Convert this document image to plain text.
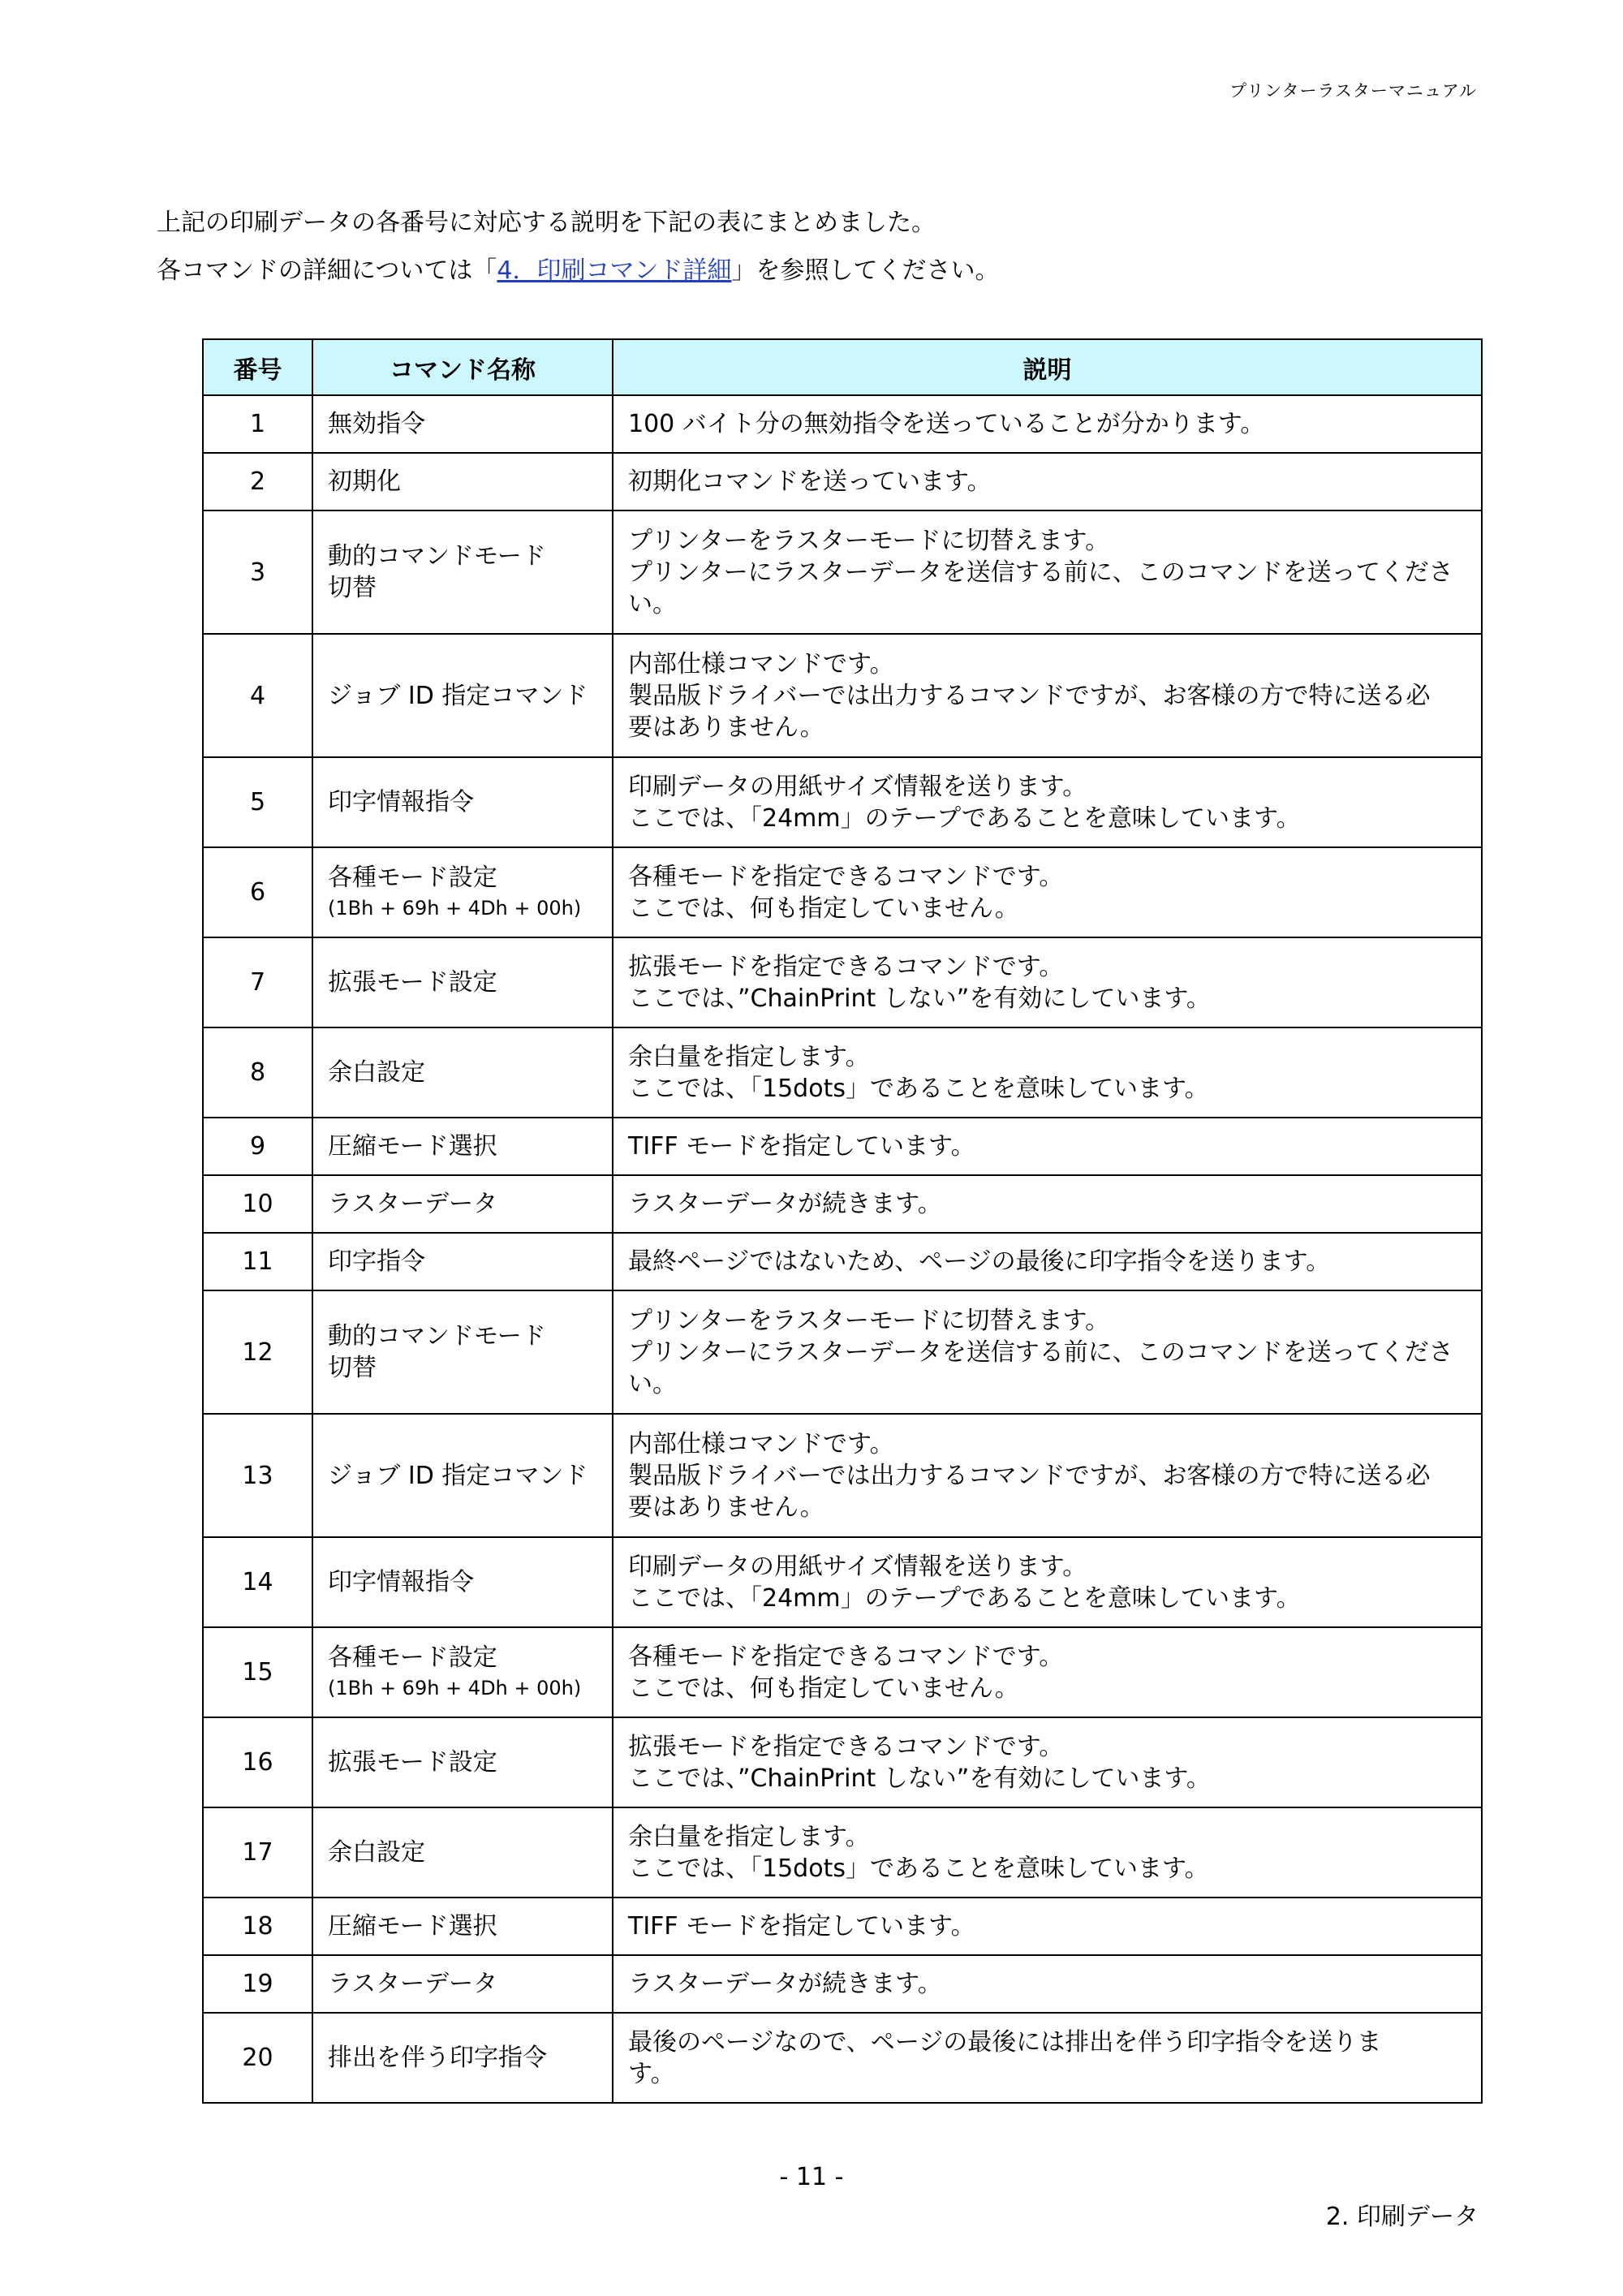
プリンターラスターマニュアル
上記の印刷データの各番号に対応する説明を下記の表にまとめました。
各コマンドの詳細については「4．印刷コマンド詳細」を参照してください。
番号	コマンド名称	説明
1	無効指令	100 バイト分の無効指令を送っていることが分かります。

2	初期化	初期化コマンドを送っています。

3	動的コマンドモード
切替	プリンターをラスターモードに切替えます。
プリンターにラスターデータを送信する前に、このコマンドを送ってくださ
い。

4	ジョブ ID 指定コマンド	内部仕様コマンドです。
製品版ドライバーでは出力するコマンドですが、お客様の方で特に送る必
要はありません。

5	印字情報指令	印刷データの用紙サイズ情報を送ります。
ここでは、「24mm」のテープであることを意味しています。

6	各種モード設定
(1Bh + 69h + 4Dh + 00h)	各種モードを指定できるコマンドです。
ここでは、何も指定していません。

7	拡張モード設定	拡張モードを指定できるコマンドです。
ここでは、”ChainPrint しない”を有効にしています。

8	余白設定	余白量を指定します。
ここでは、「15dots」であることを意味しています。

9	圧縮モード選択	TIFF モードを指定しています。

10	ラスターデータ	ラスターデータが続きます。

11	印字指令	最終ページではないため、ページの最後に印字指令を送ります。

12	動的コマンドモード
切替	プリンターをラスターモードに切替えます。
プリンターにラスターデータを送信する前に、このコマンドを送ってくださ
い。

13	ジョブ ID 指定コマンド	内部仕様コマンドです。
製品版ドライバーでは出力するコマンドですが、お客様の方で特に送る必
要はありません。

14	印字情報指令	印刷データの用紙サイズ情報を送ります。
ここでは、「24mm」のテープであることを意味しています。

15	各種モード設定
(1Bh + 69h + 4Dh + 00h)	各種モードを指定できるコマンドです。
ここでは、何も指定していません。

16	拡張モード設定	拡張モードを指定できるコマンドです。
ここでは、”ChainPrint しない”を有効にしています。

17	余白設定	余白量を指定します。
ここでは、「15dots」であることを意味しています。

18	圧縮モード選択	TIFF モードを指定しています。

19	ラスターデータ	ラスターデータが続きます。

20	排出を伴う印字指令	最後のページなので、ページの最後には排出を伴う印字指令を送りま
す。
- 11 -
2. 印刷データ
